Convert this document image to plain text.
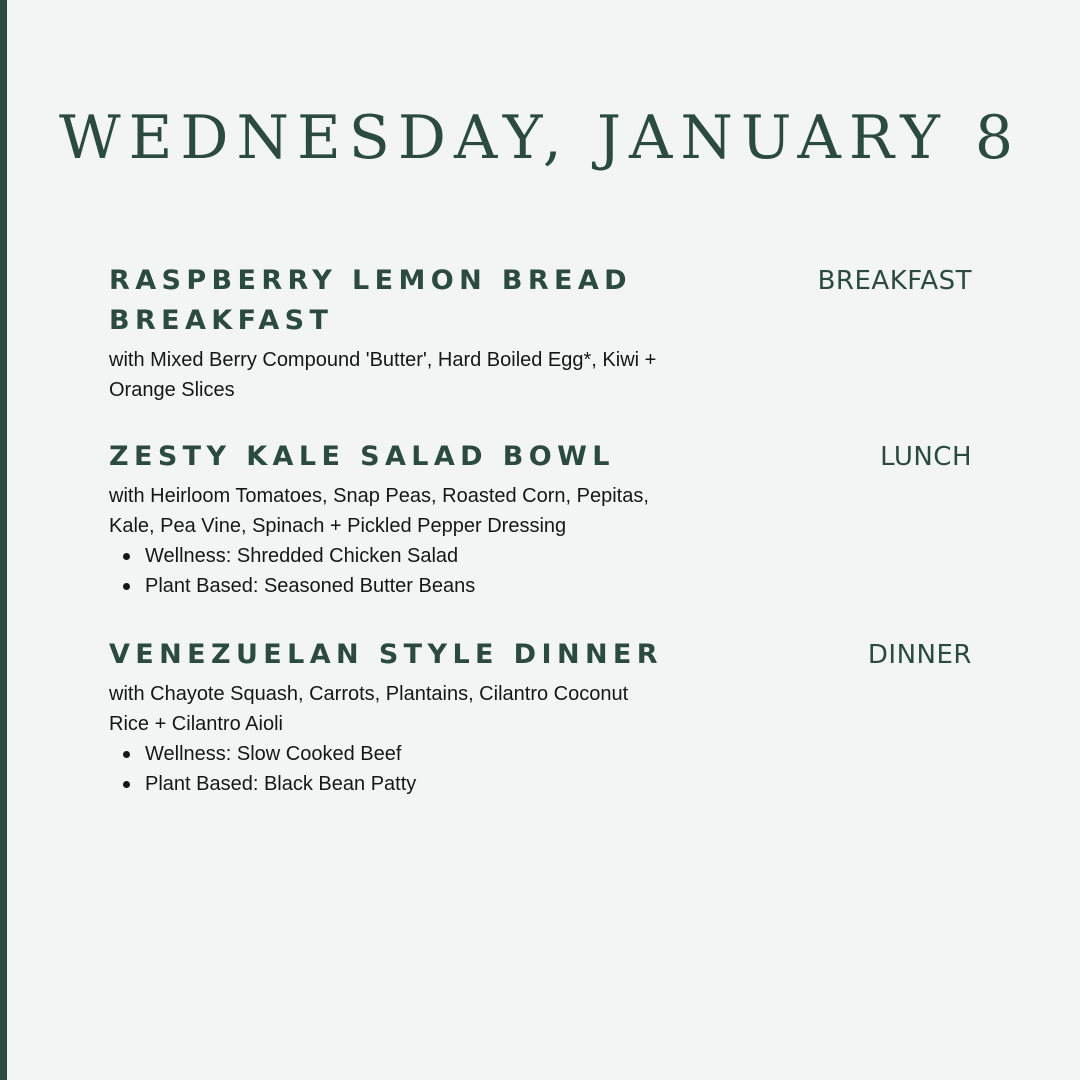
WEDNESDAY, JANUARY 8
RASPBERRY LEMON BREAD BREAKFAST
BREAKFAST

with Mixed Berry Compound 'Butter', Hard Boiled Egg*, Kiwi + Orange Slices

ZESTY KALE SALAD BOWL	LUNCH

with Heirloom Tomatoes, Snap Peas, Roasted Corn, Pepitas, Kale, Pea Vine, Spinach + Pickled Pepper Dressing

Wellness: Shredded Chicken Salad
Plant Based: Seasoned Butter Beans
VENEZUELAN STYLE DINNER	DINNER

with Chayote Squash, Carrots, Plantains, Cilantro Coconut Rice + Cilantro Aioli

Wellness: Slow Cooked Beef
Plant Based: Black Bean Patty
